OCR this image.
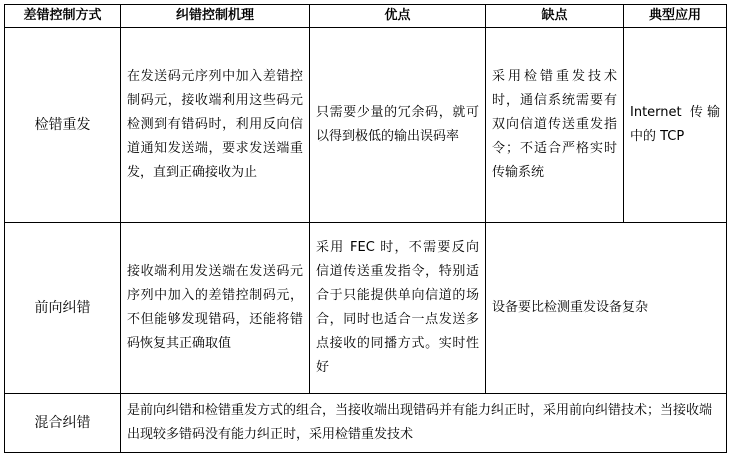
差错控制方式	纠错控制机理	优点	缺点	典型应用
检错重发	在发送码元序列中加入差错控制码元，接收端利用这些码元检测到有错码时，利用反向信道通知发送端，要求发送端重发，直到正确接收为止	只需要少量的冗余码，就可以得到极低的输出误码率	采用检错重发技术时，通信系统需要有双向信道传送重发指令；不适合严格实时传输系统	Internet 传输中的 TCP
前向纠错	接收端利用发送端在发送码元序列中加入的差错控制码元，不但能够发现错码，还能将错码恢复其正确取值	采用 FEC 时，不需要反向信道传送重发指令，特别适合于只能提供单向信道的场合，同时也适合一点发送多点接收的同播方式。实时性好	设备要比检测重发设备复杂	
混合纠错	是前向纠错和检错重发方式的组合，当接收端出现错码并有能力纠正时，采用前向纠错技术；当接收端出现较多错码没有能力纠正时，采用检错重发技术			
